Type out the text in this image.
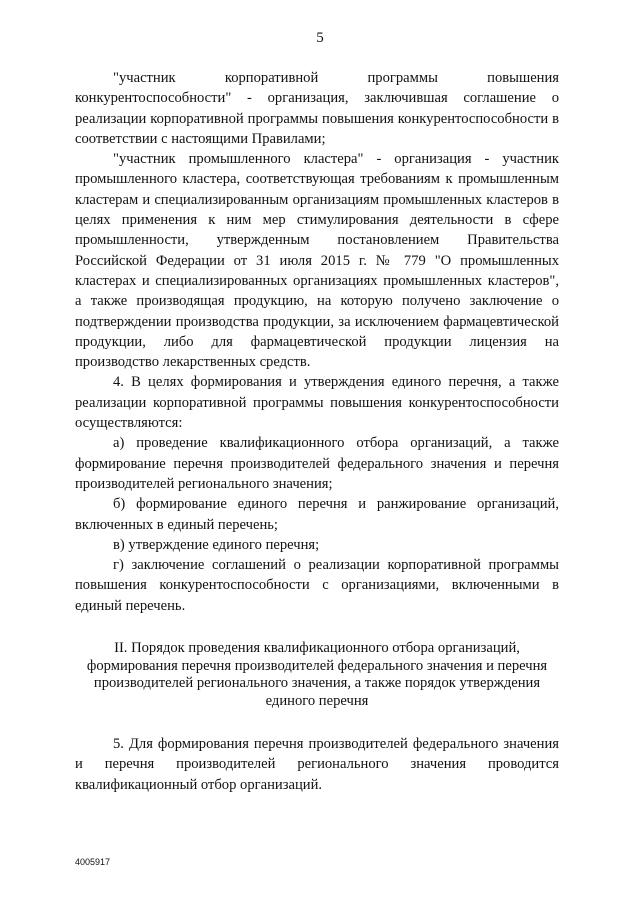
5

"участник корпоративной программы повышения конкурентоспособности" - организация, заключившая соглашение о реализации корпоративной программы повышения конкурентоспособности в соответствии с настоящими Правилами;

"участник промышленного кластера" - организация - участник промышленного кластера, соответствующая требованиям к промышленным кластерам и специализированным организациям промышленных кластеров в целях применения к ним мер стимулирования деятельности в сфере промышленности, утвержденным постановлением Правительства Российской Федерации от 31 июля 2015 г. № 779 "О промышленных кластерах и специализированных организациях промышленных кластеров", а также производящая продукцию, на которую получено заключение о подтверждении производства продукции, за исключением фармацевтической продукции, либо для фармацевтической продукции лицензия на производство лекарственных средств.

4. В целях формирования и утверждения единого перечня, а также реализации корпоративной программы повышения конкурентоспособности осуществляются:

а) проведение квалификационного отбора организаций, а также формирование перечня производителей федерального значения и перечня производителей регионального значения;

б) формирование единого перечня и ранжирование организаций, включенных в единый перечень;

в) утверждение единого перечня;

г) заключение соглашений о реализации корпоративной программы повышения конкурентоспособности с организациями, включенными в единый перечень.

II. Порядок проведения квалификационного отбора организаций,
формирования перечня производителей федерального значения и перечня
производителей регионального значения, а также порядок утверждения
единого перечня

5. Для формирования перечня производителей федерального значения и перечня производителей регионального значения проводится квалификационный отбор организаций.

4005917
